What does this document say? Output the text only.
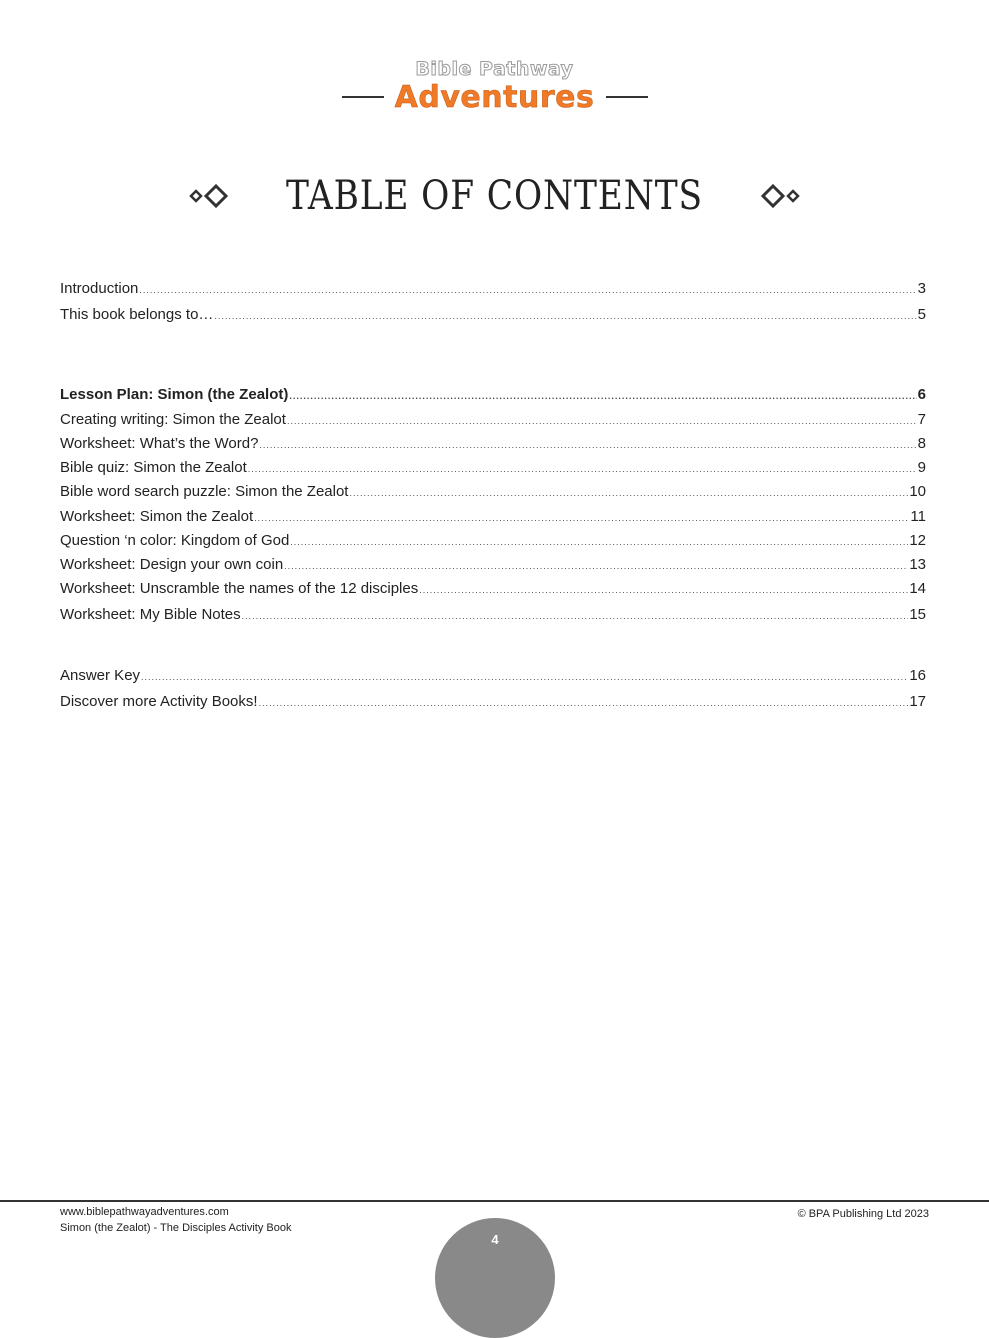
Bible Pathway
Adventures
TABLE OF CONTENTS
Introduction .....	3
This book belongs to… .....	5
Lesson Plan: Simon (the Zealot) .....	6
Creating writing: Simon the Zealot .....	7
Worksheet: What’s the Word? .....	8
Bible quiz: Simon the Zealot .....	9
Bible word search puzzle: Simon the Zealot .....	10
Worksheet: Simon the Zealot .....	11
Question ‘n color: Kingdom of God .....	12
Worksheet: Design your own coin .....	13
Worksheet: Unscramble the names of the 12 disciples .....	14
Worksheet: My Bible Notes .....	15
Answer Key .....	16
Discover more Activity Books! .....	17
www.biblepathwayadventures.com
Simon (the Zealot) - The Disciples Activity Book
© BPA Publishing Ltd 2023
4
